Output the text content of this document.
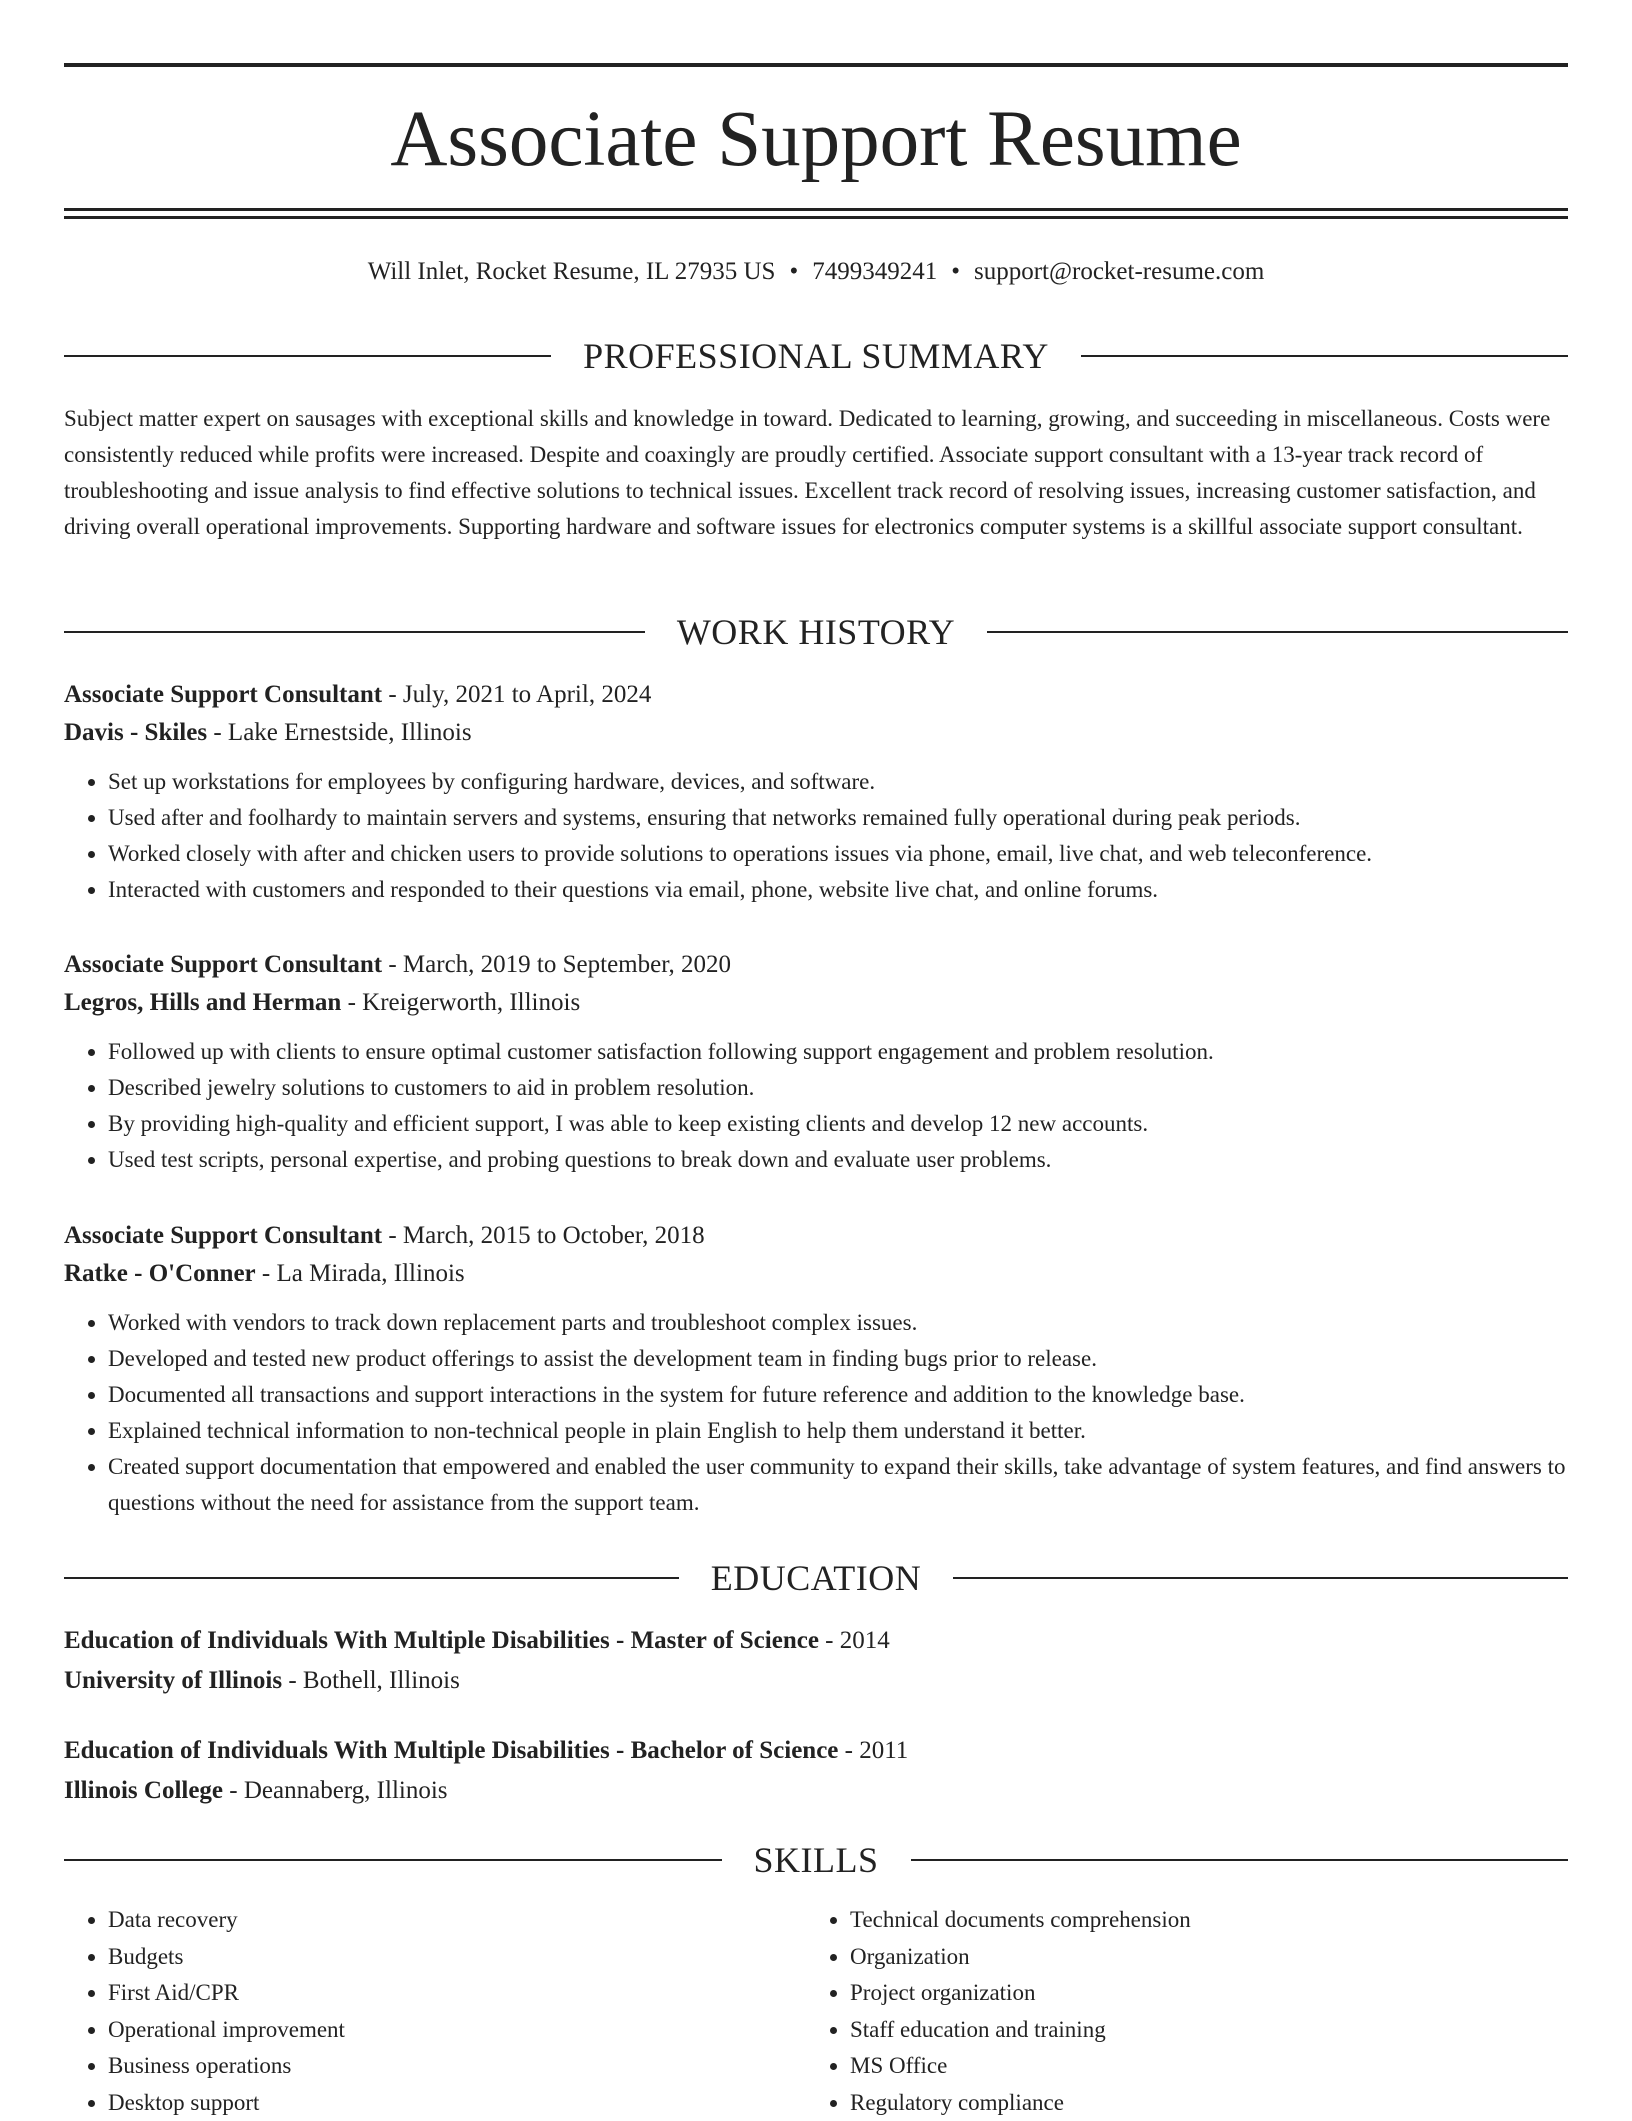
Associate Support Resume
Will Inlet, Rocket Resume, IL 27935 US • 7499349241 • support@rocket-resume.com
PROFESSIONAL SUMMARY

Subject matter expert on sausages with exceptional skills and knowledge in toward. Dedicated to learning, growing, and succeeding in miscellaneous. Costs were consistently reduced while profits were increased. Despite and coaxingly are proudly certified. Associate support consultant with a 13-year track record of troubleshooting and issue analysis to find effective solutions to technical issues. Excellent track record of resolving issues, increasing customer satisfaction, and driving overall operational improvements. Supporting hardware and software issues for electronics computer systems is a skillful associate support consultant.

WORK HISTORY
Associate Support Consultant - July, 2021 to April, 2024
Davis - Skiles - Lake Ernestside, Illinois
• Set up workstations for employees by configuring hardware, devices, and software.
• Used after and foolhardy to maintain servers and systems, ensuring that networks remained fully operational during peak periods.
• Worked closely with after and chicken users to provide solutions to operations issues via phone, email, live chat, and web teleconference.
• Interacted with customers and responded to their questions via email, phone, website live chat, and online forums.
Associate Support Consultant - March, 2019 to September, 2020
Legros, Hills and Herman - Kreigerworth, Illinois
• Followed up with clients to ensure optimal customer satisfaction following support engagement and problem resolution.
• Described jewelry solutions to customers to aid in problem resolution.
• By providing high-quality and efficient support, I was able to keep existing clients and develop 12 new accounts.
• Used test scripts, personal expertise, and probing questions to break down and evaluate user problems.
Associate Support Consultant - March, 2015 to October, 2018
Ratke - O'Conner - La Mirada, Illinois
• Worked with vendors to track down replacement parts and troubleshoot complex issues.
• Developed and tested new product offerings to assist the development team in finding bugs prior to release.
• Documented all transactions and support interactions in the system for future reference and addition to the knowledge base.
• Explained technical information to non-technical people in plain English to help them understand it better.
• Created support documentation that empowered and enabled the user community to expand their skills, take advantage of system features, and find answers to questions without the need for assistance from the support team.
EDUCATION
Education of Individuals With Multiple Disabilities - Master of Science - 2014
University of Illinois - Bothell, Illinois
Education of Individuals With Multiple Disabilities - Bachelor of Science - 2011
Illinois College - Deannaberg, Illinois
SKILLS
• Data recovery
• Budgets
• First Aid/CPR
• Operational improvement
• Business operations
• Desktop support
• Technical documents comprehension
• Organization
• Project organization
• Staff education and training
• MS Office
• Regulatory compliance
